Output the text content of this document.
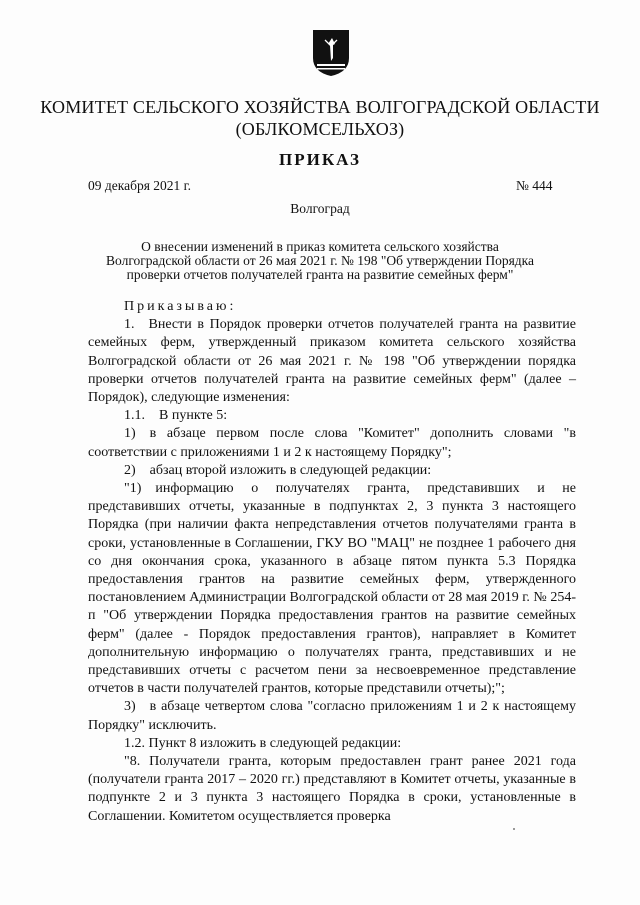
КОМИТЕТ СЕЛЬСКОГО ХОЗЯЙСТВА ВОЛГОГРАДСКОЙ ОБЛАСТИ
(ОБЛКОМСЕЛЬХОЗ)
ПРИКАЗ
09 декабря 2021 г.	№ 444
Волгоград
О внесении изменений в приказ комитета сельского хозяйства
Волгоградской области от 26 мая 2021 г. № 198 "Об утверждении Порядка
проверки отчетов получателей гранта на развитие семейных ферм"

Приказываю:

1. Внести в Порядок проверки отчетов получателей гранта на развитие семейных ферм, утвержденный приказом комитета сельского хозяйства Волгоградской области от 26 мая 2021 г. № 198 "Об утверждении порядка проверки отчетов получателей гранта на развитие семейных ферм" (далее – Порядок), следующие изменения:

1.1. В пункте 5:

1) в абзаце первом после слова "Комитет" дополнить словами "в соответствии с приложениями 1 и 2 к настоящему Порядку";

2) абзац второй изложить в следующей редакции:

"1) информацию о получателях гранта, представивших и не представивших отчеты, указанные в подпунктах 2, 3 пункта 3 настоящего Порядка (при наличии факта непредставления отчетов получателями гранта в сроки, установленные в Соглашении, ГКУ ВО "МАЦ" не позднее 1 рабочего дня со дня окончания срока, указанного в абзаце пятом пункта 5.3 Порядка предоставления грантов на развитие семейных ферм, утвержденного постановлением Администрации Волгоградской области от 28 мая 2019 г. № 254-п "Об утверждении Порядка предоставления грантов на развитие семейных ферм" (далее - Порядок предоставления грантов), направляет в Комитет дополнительную информацию о получателях гранта, представивших и не представивших отчеты с расчетом пени за несвоевременное представление отчетов в части получателей грантов, которые представили отчеты);";

3) в абзаце четвертом слова "согласно приложениям 1 и 2 к настоящему Порядку" исключить.

1.2. Пункт 8 изложить в следующей редакции:

"8. Получатели гранта, которым предоставлен грант ранее 2021 года (получатели гранта 2017 – 2020 гг.) представляют в Комитет отчеты, указанные в подпункте 2 и 3 пункта 3 настоящего Порядка в сроки, установленные в Соглашении. Комитетом осуществляется проверка
